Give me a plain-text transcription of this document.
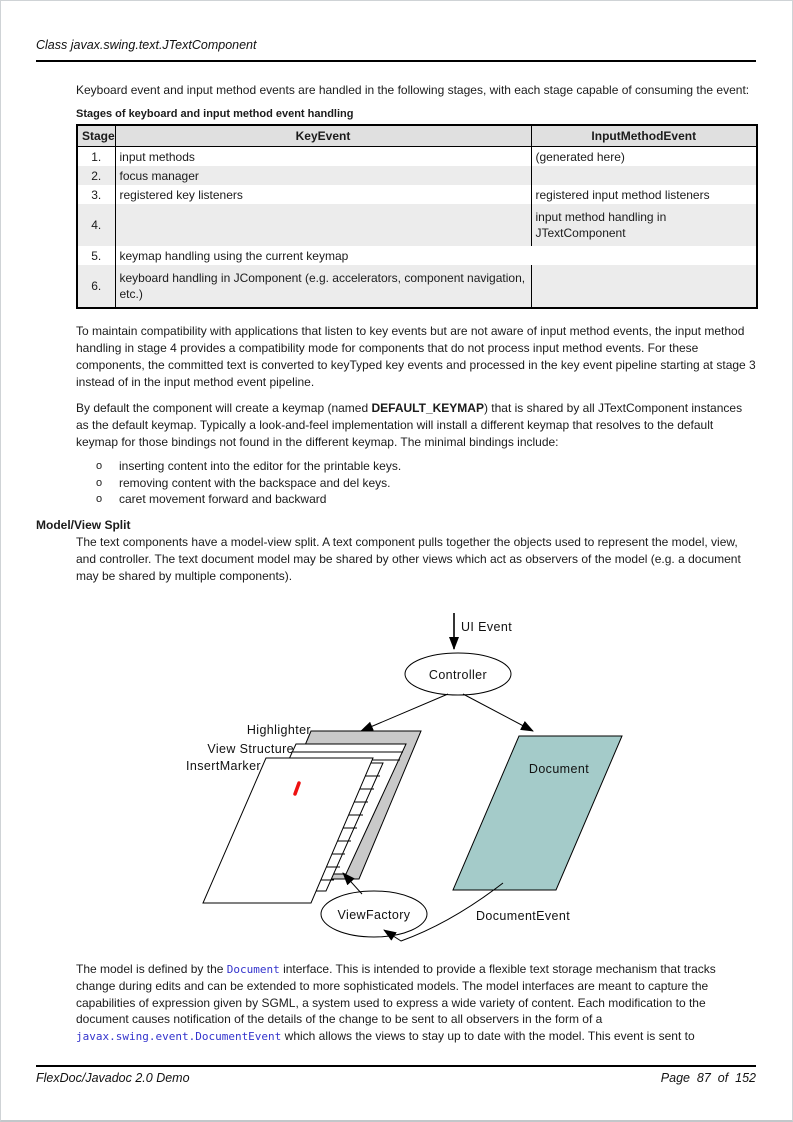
Class javax.swing.text.JTextComponent

Keyboard event and input method events are handled in the following stages, with each stage capable of consuming the event:

Stages of keyboard and input method event handling

Stage	KeyEvent	InputMethodEvent
1.	input methods	(generated here)
2.	focus manager	
3.	registered key listeners	registered input method listeners
4.		input method handling in JTextComponent
5.	keymap handling using the current keymap	
6.	keyboard handling in JComponent (e.g. accelerators, component navigation, etc.)	

To maintain compatibility with applications that listen to key events but are not aware of input method events, the input method handling in stage 4 provides a compatibility mode for components that do not process input method events. For these components, the committed text is converted to keyTyped key events and processed in the key event pipeline starting at stage 3 instead of in the input method event pipeline.

By default the component will create a keymap (named DEFAULT_KEYMAP) that is shared by all JTextComponent instances as the default keymap. Typically a look-and-feel implementation will install a different keymap that resolves to the default keymap for those bindings not found in the different keymap. The minimal bindings include:

o	inserting content into the editor for the printable keys.
o	removing content with the backspace and del keys.
o	caret movement forward and backward
Model/View Split

The text components have a model-view split. A text component pulls together the objects used to represent the model, view, and controller. The text document model may be shared by other views which act as observers of the model (e.g. a document may be shared by multiple components).

UI Event
Controller
Document
ViewFactory	DocumentEvent
Highlighter
View Structure
InsertMarker

The model is defined by the Document interface. This is intended to provide a flexible text storage mechanism that tracks change during edits and can be extended to more sophisticated models. The model interfaces are meant to capture the capabilities of expression given by SGML, a system used to express a wide variety of content. Each modification to the document causes notification of the details of the change to be sent to all observers in the form of a javax.swing.event.DocumentEvent which allows the views to stay up to date with the model. This event is sent to

FlexDoc/Javadoc 2.0 Demo	Page  87  of  152
